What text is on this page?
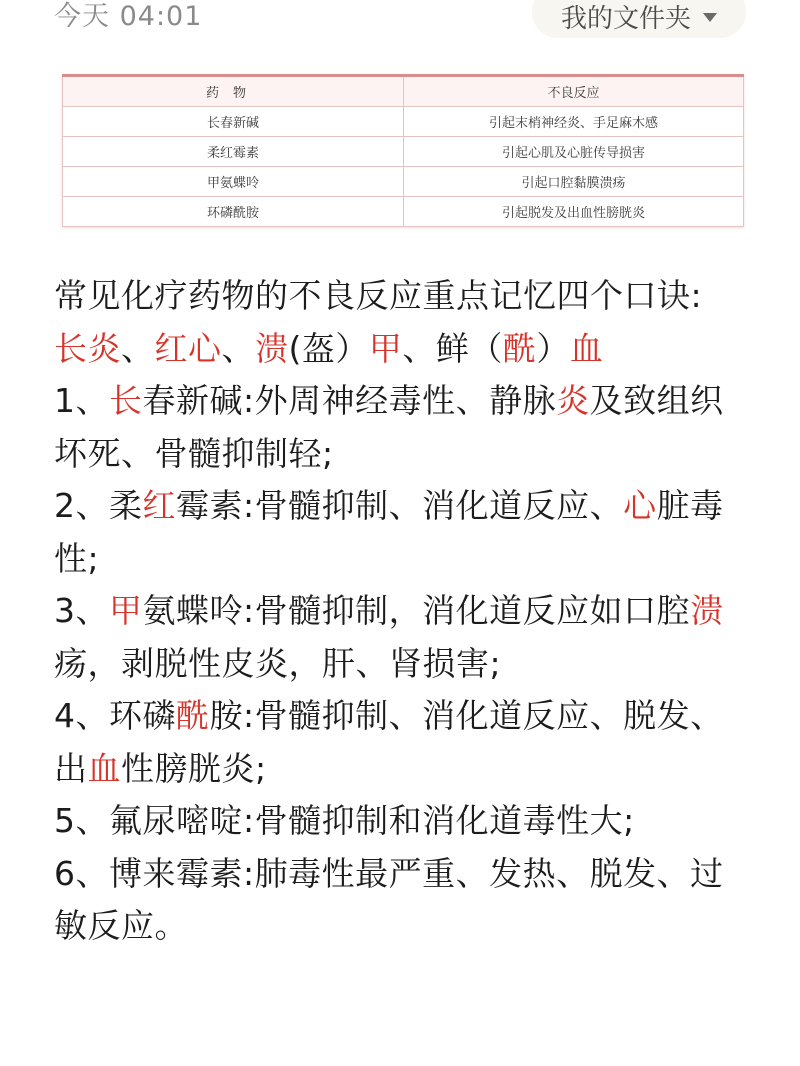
今天 04:01	我的文件夹
药物	不良反应
长春新碱	引起末梢神经炎、手足麻木感
柔红霉素	引起心肌及心脏传导损害
甲氨蝶呤	引起口腔黏膜溃疡
环磷酰胺	引起脱发及出血性膀胱炎

常见化疗药物的不良反应重点记忆四个口诀:

长炎、红心、溃(盔）甲、鲜（酰）血

1、长春新碱:外周神经毒性、静脉炎及致组织坏死、骨髓抑制轻;

2、柔红霉素:骨髓抑制、消化道反应、心脏毒性;

3、甲氨蝶呤:骨髓抑制，消化道反应如口腔溃疡，剥脱性皮炎，肝、肾损害;

4、环磷酰胺:骨髓抑制、消化道反应、脱发、出血性膀胱炎;

5、氟尿嘧啶:骨髓抑制和消化道毒性大;

6、博来霉素:肺毒性最严重、发热、脱发、过敏反应。
